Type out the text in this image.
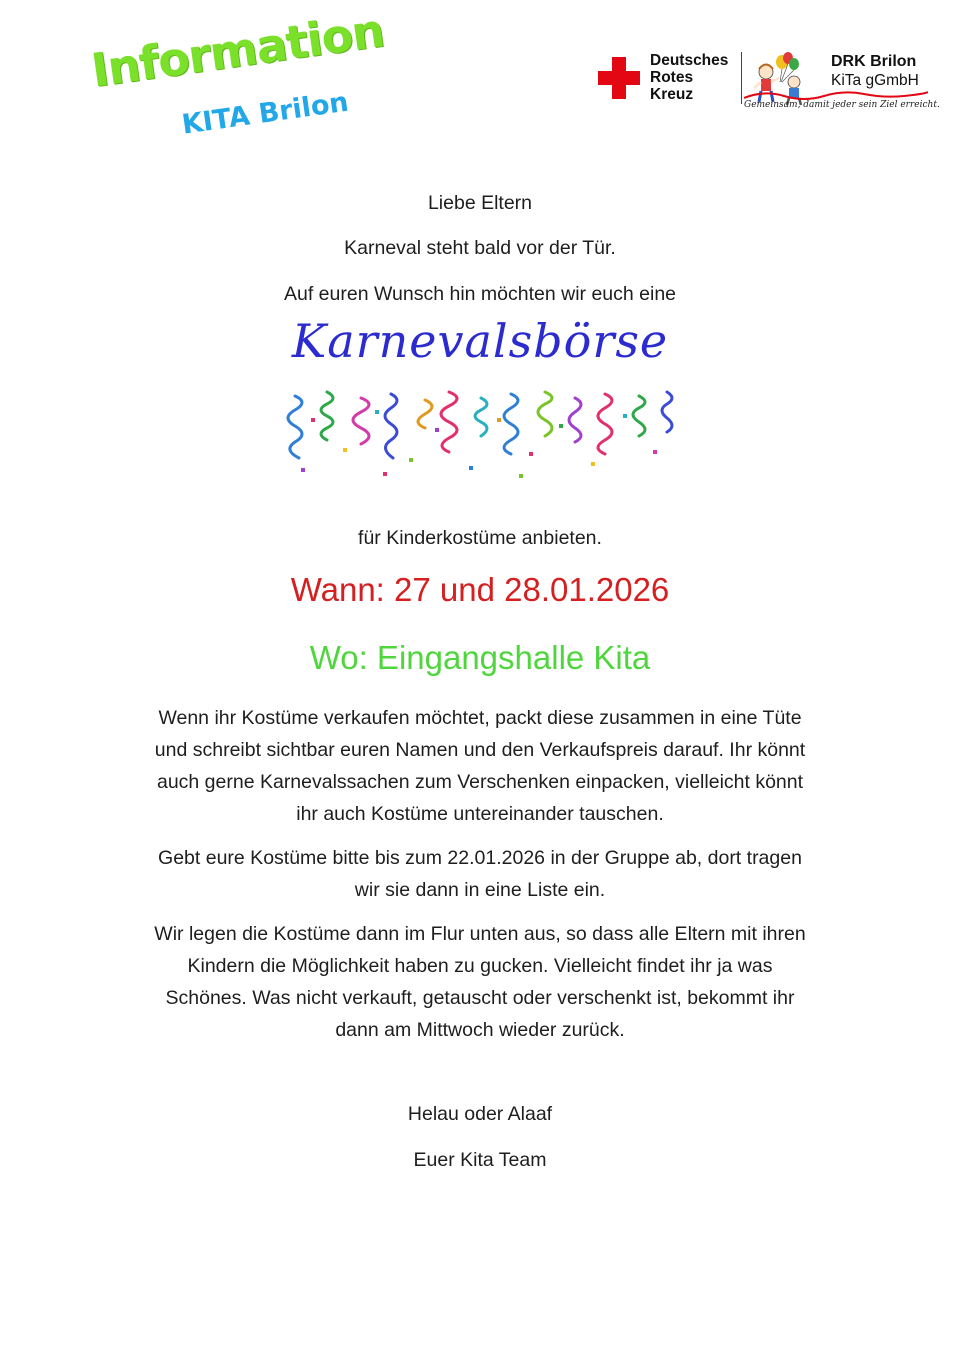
Information
KITA Brilon
Deutsches
Rotes
Kreuz
DRK Brilon
KiTa gGmbH
Gemeinsam, damit jeder sein Ziel erreicht.
Liebe Eltern
Karneval steht bald vor der Tür.
Auf euren Wunsch hin möchten wir euch eine
Karnevalsbörse
für Kinderkostüme anbieten.
Wann: 27 und 28.01.2026
Wo: Eingangshalle Kita
Wenn ihr Kostüme verkaufen möchtet, packt diese zusammen in eine Tüte
und schreibt sichtbar euren Namen und den Verkaufspreis darauf. Ihr könnt
auch gerne Karnevalssachen zum Verschenken einpacken, vielleicht könnt
ihr auch Kostüme untereinander tauschen.
Gebt eure Kostüme bitte bis zum 22.01.2026 in der Gruppe ab, dort tragen
wir sie dann in eine Liste ein.
Wir legen die Kostüme dann im Flur unten aus, so dass alle Eltern mit ihren
Kindern die Möglichkeit haben zu gucken. Vielleicht findet ihr ja was
Schönes. Was nicht verkauft, getauscht oder verschenkt ist, bekommt ihr
dann am Mittwoch wieder zurück.
Helau oder Alaaf
Euer Kita Team
